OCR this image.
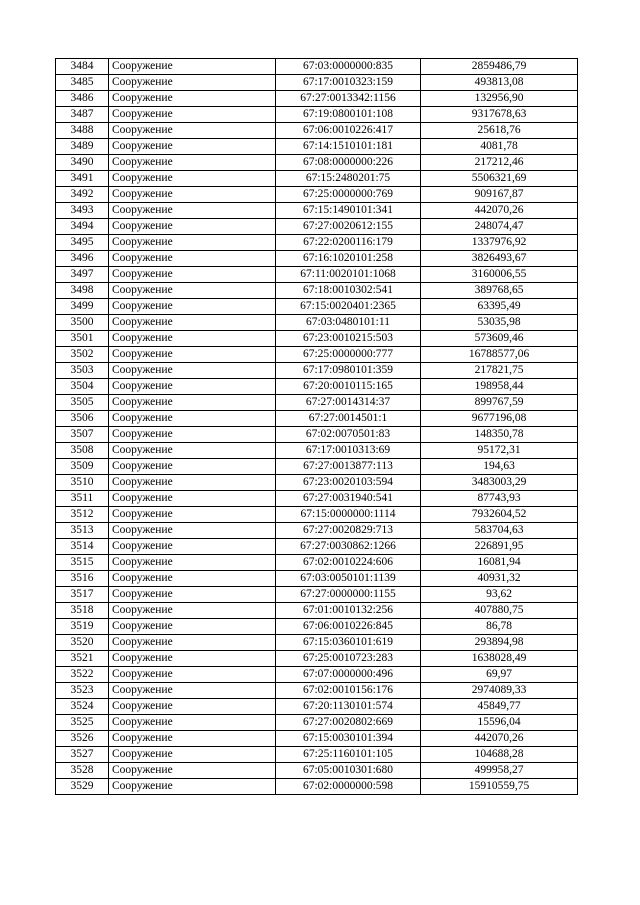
3484	Сооружение	67:03:0000000:835	2859486,79
3485	Сооружение	67:17:0010323:159	493813,08
3486	Сооружение	67:27:0013342:1156	132956,90
3487	Сооружение	67:19:0800101:108	9317678,63
3488	Сооружение	67:06:0010226:417	25618,76
3489	Сооружение	67:14:1510101:181	4081,78
3490	Сооружение	67:08:0000000:226	217212,46
3491	Сооружение	67:15:2480201:75	5506321,69
3492	Сооружение	67:25:0000000:769	909167,87
3493	Сооружение	67:15:1490101:341	442070,26
3494	Сооружение	67:27:0020612:155	248074,47
3495	Сооружение	67:22:0200116:179	1337976,92
3496	Сооружение	67:16:1020101:258	3826493,67
3497	Сооружение	67:11:0020101:1068	3160006,55
3498	Сооружение	67:18:0010302:541	389768,65
3499	Сооружение	67:15:0020401:2365	63395,49
3500	Сооружение	67:03:0480101:11	53035,98
3501	Сооружение	67:23:0010215:503	573609,46
3502	Сооружение	67:25:0000000:777	16788577,06
3503	Сооружение	67:17:0980101:359	217821,75
3504	Сооружение	67:20:0010115:165	198958,44
3505	Сооружение	67:27:0014314:37	899767,59
3506	Сооружение	67:27:0014501:1	9677196,08
3507	Сооружение	67:02:0070501:83	148350,78
3508	Сооружение	67:17:0010313:69	95172,31
3509	Сооружение	67:27:0013877:113	194,63
3510	Сооружение	67:23:0020103:594	3483003,29
3511	Сооружение	67:27:0031940:541	87743,93
3512	Сооружение	67:15:0000000:1114	7932604,52
3513	Сооружение	67:27:0020829:713	583704,63
3514	Сооружение	67:27:0030862:1266	226891,95
3515	Сооружение	67:02:0010224:606	16081,94
3516	Сооружение	67:03:0050101:1139	40931,32
3517	Сооружение	67:27:0000000:1155	93,62
3518	Сооружение	67:01:0010132:256	407880,75
3519	Сооружение	67:06:0010226:845	86,78
3520	Сооружение	67:15:0360101:619	293894,98
3521	Сооружение	67:25:0010723:283	1638028,49
3522	Сооружение	67:07:0000000:496	69,97
3523	Сооружение	67:02:0010156:176	2974089,33
3524	Сооружение	67:20:1130101:574	45849,77
3525	Сооружение	67:27:0020802:669	15596,04
3526	Сооружение	67:15:0030101:394	442070,26
3527	Сооружение	67:25:1160101:105	104688,28
3528	Сооружение	67:05:0010301:680	499958,27
3529	Сооружение	67:02:0000000:598	15910559,75
